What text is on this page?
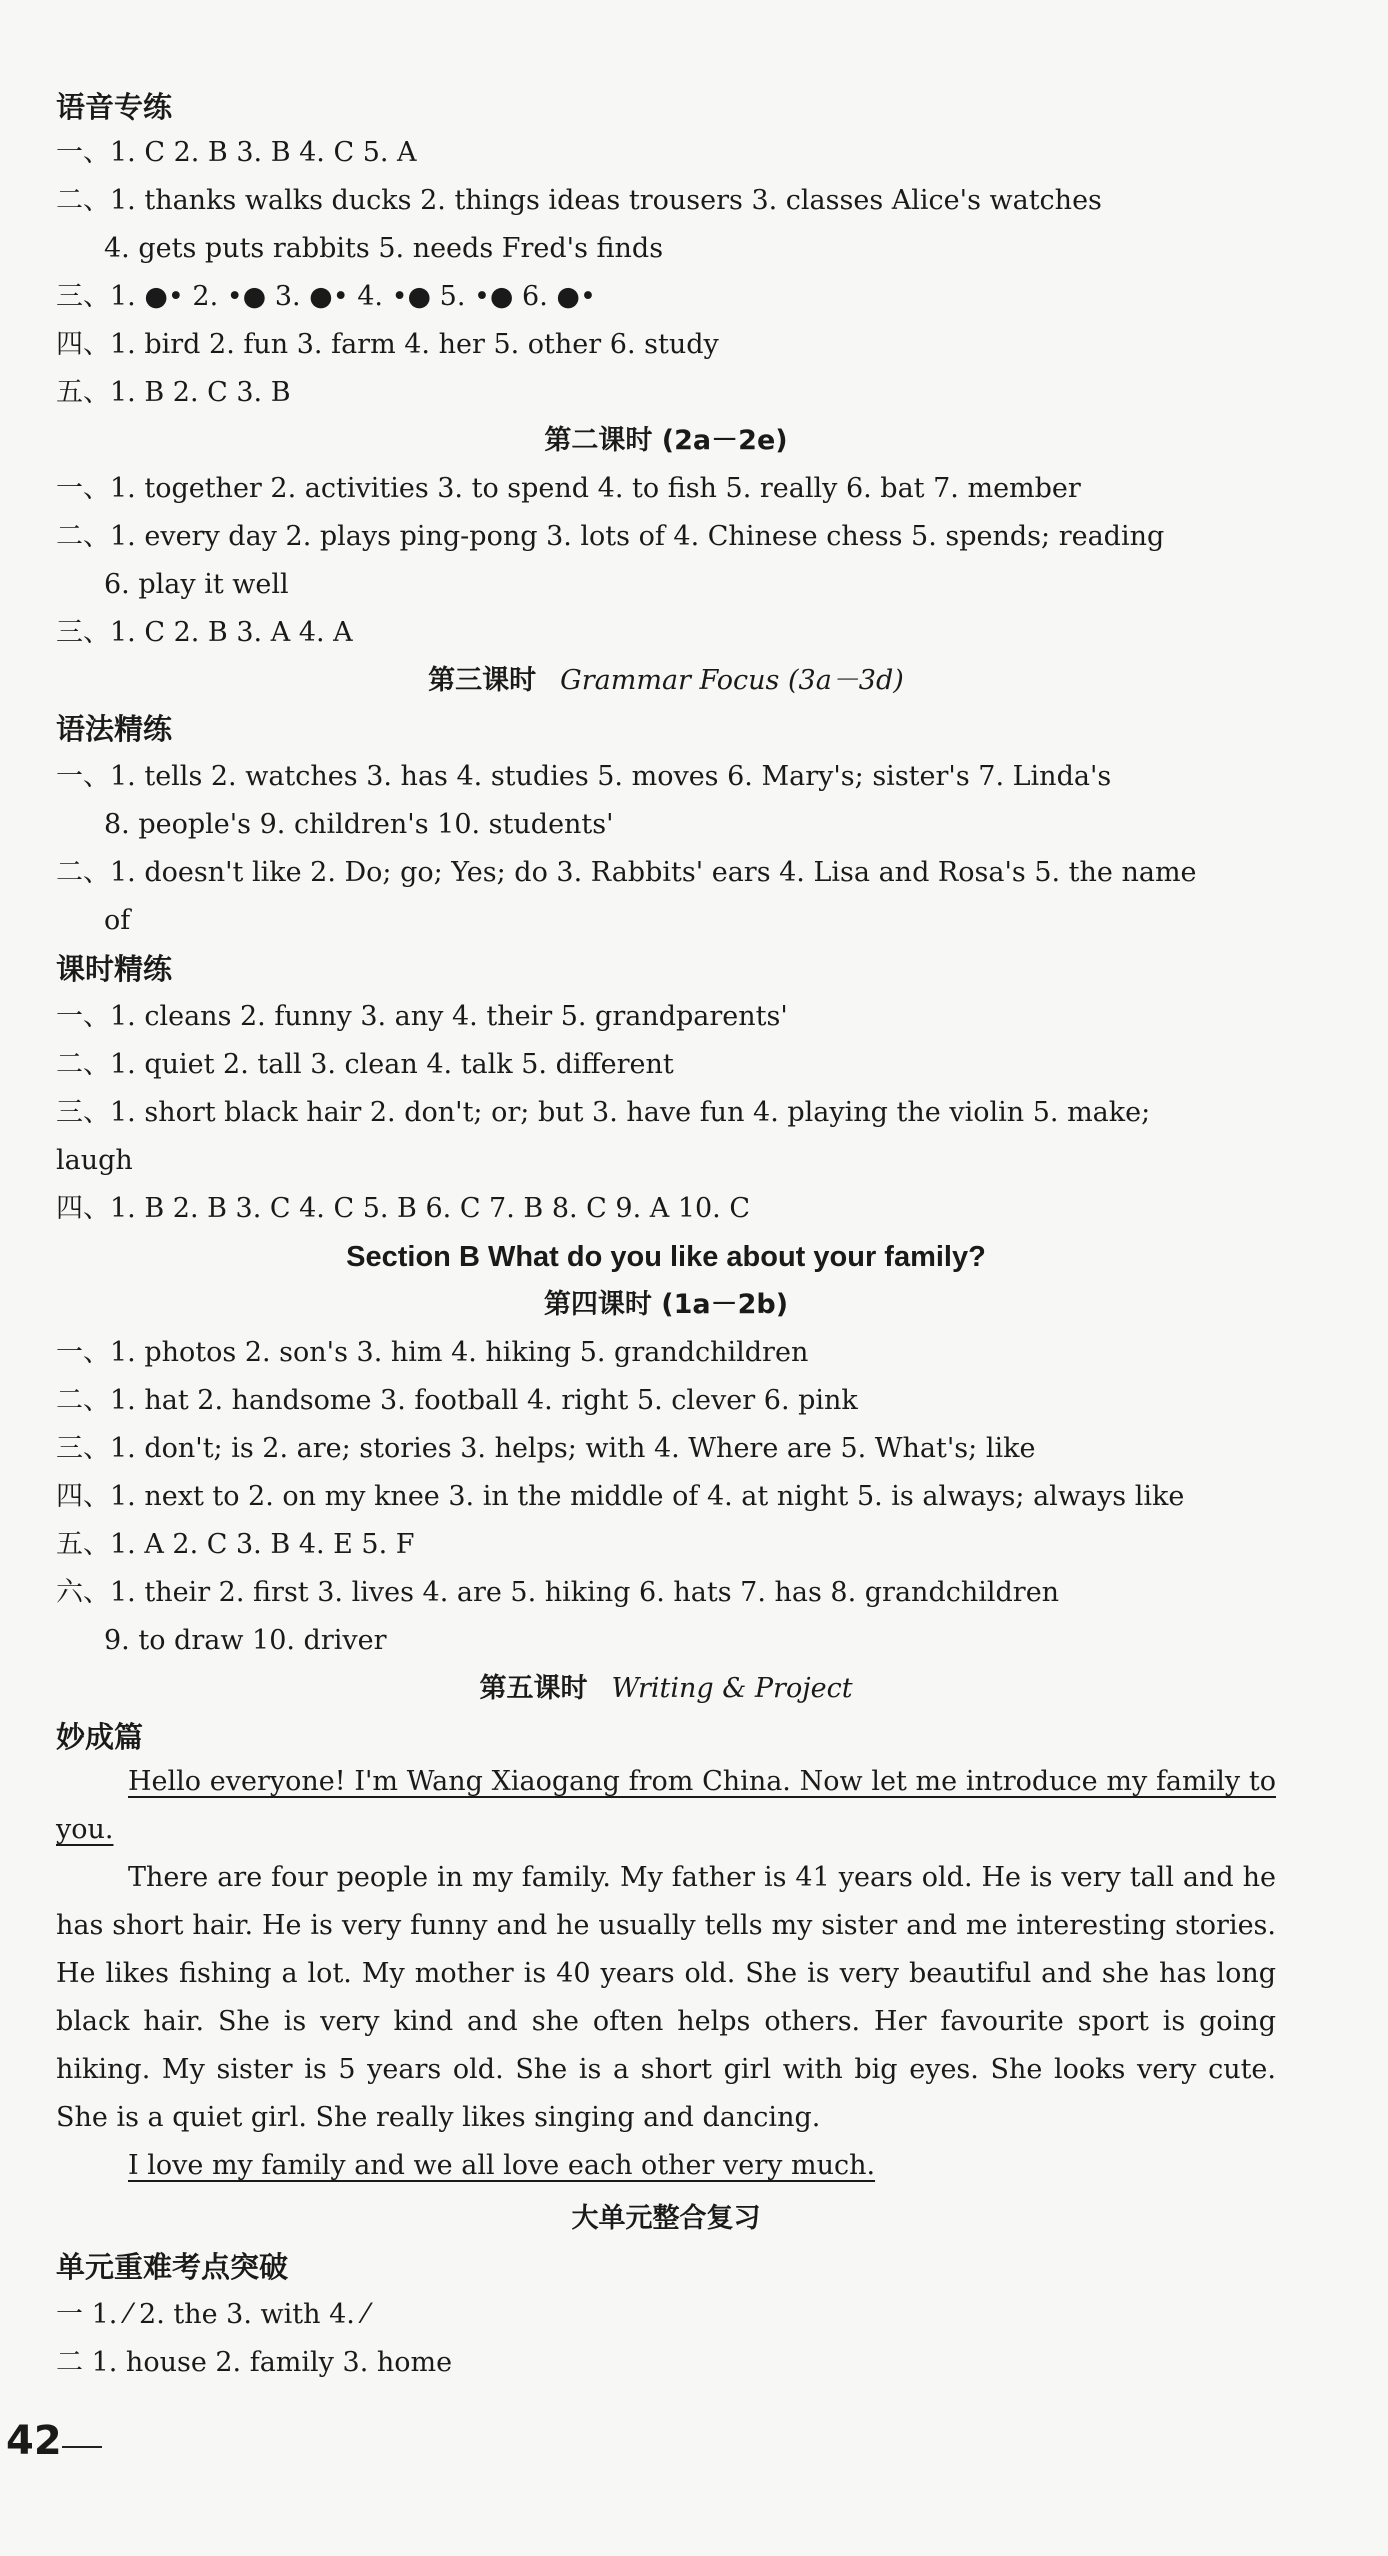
语音专练
一、1. C 2. B 3. B 4. C 5. A
二、1. thanks walks ducks 2. things ideas trousers 3. classes Alice's watches
4. gets puts rabbits 5. needs Fred's finds
三、1. ●• 2. •● 3. ●• 4. •● 5. •● 6. ●•
四、1. bird 2. fun 3. farm 4. her 5. other 6. study
五、1. B 2. C 3. B
第二课时 (2a－2e)
一、1. together 2. activities 3. to spend 4. to fish 5. really 6. bat 7. member
二、1. every day 2. plays ping-pong 3. lots of 4. Chinese chess 5. spends; reading
6. play it well
三、1. C 2. B 3. A 4. A
第三课时 Grammar Focus (3a－3d)
语法精练
一、1. tells 2. watches 3. has 4. studies 5. moves 6. Mary's; sister's 7. Linda's
8. people's 9. children's 10. students'
二、1. doesn't like 2. Do; go; Yes; do 3. Rabbits' ears 4. Lisa and Rosa's 5. the name
of
课时精练
一、1. cleans 2. funny 3. any 4. their 5. grandparents'
二、1. quiet 2. tall 3. clean 4. talk 5. different
三、1. short black hair 2. don't; or; but 3. have fun 4. playing the violin 5. make;
laugh
四、1. B 2. B 3. C 4. C 5. B 6. C 7. B 8. C 9. A 10. C
Section B What do you like about your family?
第四课时 (1a－2b)
一、1. photos 2. son's 3. him 4. hiking 5. grandchildren
二、1. hat 2. handsome 3. football 4. right 5. clever 6. pink
三、1. don't; is 2. are; stories 3. helps; with 4. Where are 5. What's; like
四、1. next to 2. on my knee 3. in the middle of 4. at night 5. is always; always like
五、1. A 2. C 3. B 4. E 5. F
六、1. their 2. first 3. lives 4. are 5. hiking 6. hats 7. has 8. grandchildren
9. to draw 10. driver
第五课时 Writing & Project
妙成篇
Hello everyone! I'm Wang Xiaogang from China. Now let me introduce my family to you.
There are four people in my family. My father is 41 years old. He is very tall and he has short hair. He is very funny and he usually tells my sister and me interesting stories. He likes fishing a lot. My mother is 40 years old. She is very beautiful and she has long black hair. She is very kind and she often helps others. Her favourite sport is going hiking. My sister is 5 years old. She is a short girl with big eyes. She looks very cute. She is a quiet girl. She really likes singing and dancing.
I love my family and we all love each other very much.
大单元整合复习
单元重难考点突破
一 1. ⁄ 2. the 3. with 4. ⁄
二 1. house 2. family 3. home
42
